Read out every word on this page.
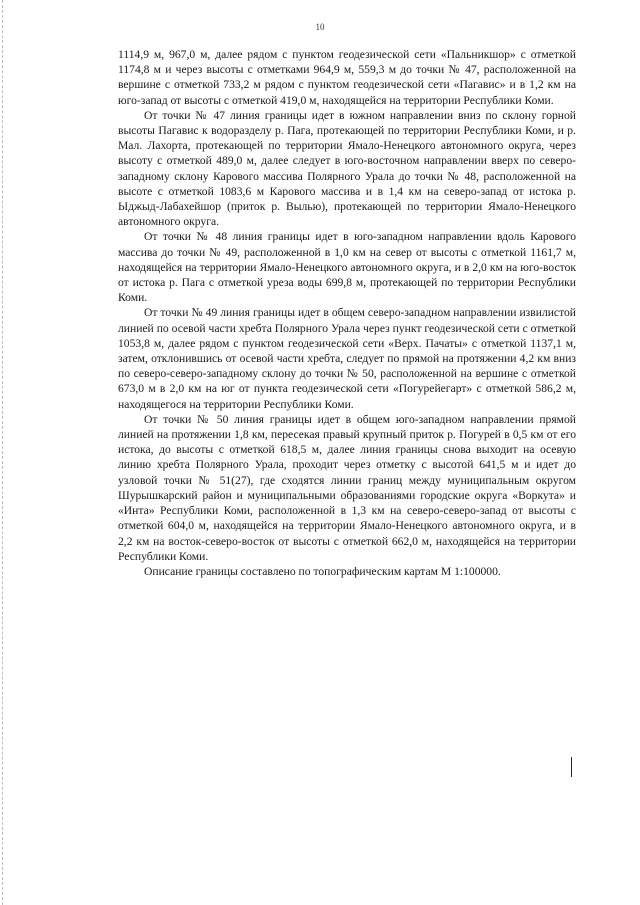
10

1114,9 м, 967,0 м, далее рядом с пунктом геодезической сети «Пальникшор» с отметкой 1174,8 м и через высоты с отметками 964,9 м, 559,3 м до точки № 47, расположенной на вершине с отметкой 733,2 м рядом с пунктом геодезической сети «Пагавис» и в 1,2 км на юго-запад от высоты с отметкой 419,0 м, находящейся на территории Республики Коми.

От точки № 47 линия границы идет в южном направлении вниз по склону горной высоты Пагавис к водоразделу р. Пага, протекающей по территории Республики Коми, и р. Мал. Лахорта, протекающей по территории Ямало-Ненецкого автономного округа, через высоту с отметкой 489,0 м, далее следует в юго-восточном направлении вверх по северо-западному склону Карового массива Полярного Урала до точки № 48, расположенной на высоте с отметкой 1083,6 м Карового массива и в 1,4 км на северо-запад от истока р. Ыджыд-Лабахейшор (приток р. Вылью), протекающей по территории Ямало-Ненецкого автономного округа.

От точки № 48 линия границы идет в юго-западном направлении вдоль Карового массива до точки № 49, расположенной в 1,0 км на север от высоты с отметкой 1161,7 м, находящейся на территории Ямало-Ненецкого автономного округа, и в 2,0 км на юго-восток от истока р. Пага с отметкой уреза воды 699,8 м, протекающей по территории Республики Коми.

От точки № 49 линия границы идет в общем северо-западном направлении извилистой линией по осевой части хребта Полярного Урала через пункт геодезической сети с отметкой 1053,8 м, далее рядом с пунктом геодезической сети «Верх. Пачаты» с отметкой 1137,1 м, затем, отклонившись от осевой части хребта, следует по прямой на протяжении 4,2 км вниз по северо-северо-западному склону до точки № 50, расположенной на вершине с отметкой 673,0 м в 2,0 км на юг от пункта геодезической сети «Погурейегарт» с отметкой 586,2 м, находящегося на территории Республики Коми.

От точки № 50 линия границы идет в общем юго-западном направлении прямой линией на протяжении 1,8 км, пересекая правый крупный приток р. Погурей в 0,5 км от его истока, до высоты с отметкой 618,5 м, далее линия границы снова выходит на осевую линию хребта Полярного Урала, проходит через отметку с высотой 641,5 м и идет до узловой точки № 51(27), где сходятся линии границ между муниципальным округом Шурышкарский район и муниципальными образованиями городские округа «Воркута» и «Инта» Республики Коми, расположенной в 1,3 км на северо-северо-запад от высоты с отметкой 604,0 м, находящейся на территории Ямало-Ненецкого автономного округа, и в 2,2 км на восток-северо-восток от высоты с отметкой 662,0 м, находящейся на территории Республики Коми.

Описание границы составлено по топографическим картам М 1:100000.
